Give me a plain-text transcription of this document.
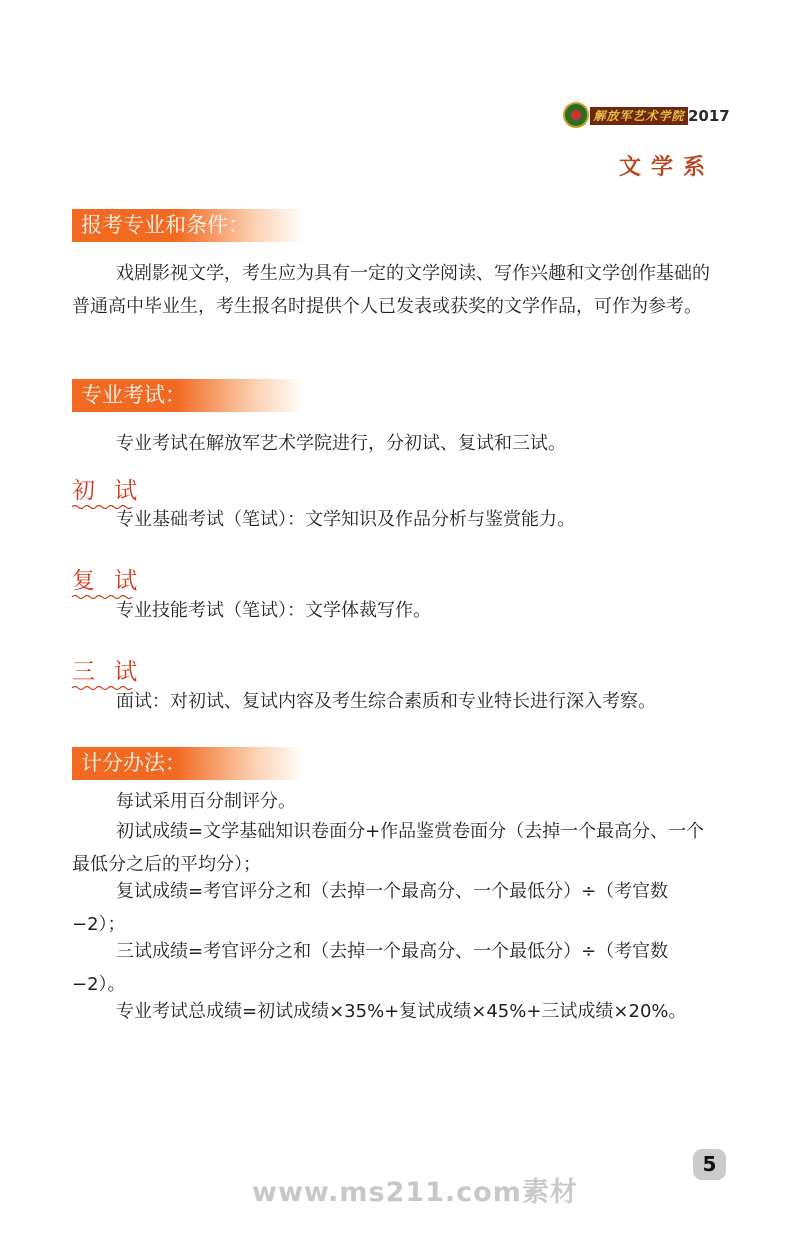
解放军艺术学院 2017
文学系
报考专业和条件：

戏剧影视文学，考生应为具有一定的文学阅读、写作兴趣和文学创作基础的普通高中毕业生，考生报名时提供个人已发表或获奖的文学作品，可作为参考。

专业考试：

专业考试在解放军艺术学院进行，分初试、复试和三试。

初 试

专业基础考试（笔试）：文学知识及作品分析与鉴赏能力。

复 试

专业技能考试（笔试）：文学体裁写作。

三 试

面试：对初试、复试内容及考生综合素质和专业特长进行深入考察。

计分办法：

每试采用百分制评分。

初试成绩=文学基础知识卷面分+作品鉴赏卷面分（去掉一个最高分、一个最低分之后的平均分）；

复试成绩=考官评分之和（去掉一个最高分、一个最低分）÷（考官数−2）；

三试成绩=考官评分之和（去掉一个最高分、一个最低分）÷（考官数−2）。

专业考试总成绩=初试成绩×35%+复试成绩×45%+三试成绩×20%。

5
www.ms211.com素材
